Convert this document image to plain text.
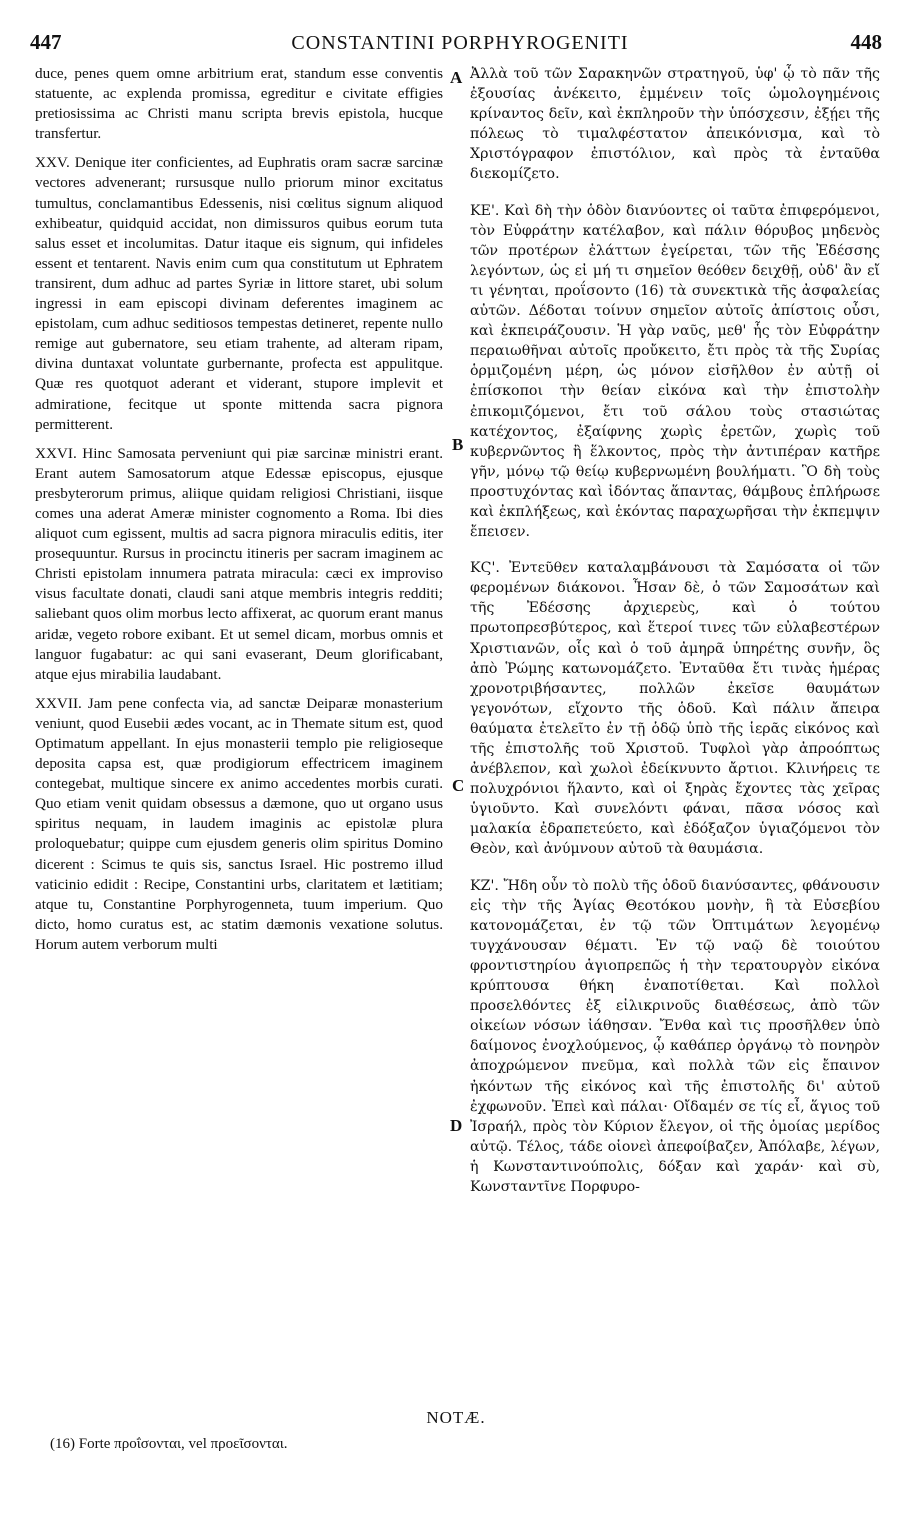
447	CONSTANTINI PORPHYROGENITI	448

duce, penes quem omne arbitrium erat, standum esse conventis statuente, ac explenda promissa, egreditur e civitate effigies pretiosissima ac Christi manu scripta brevis epistola, hucque transfertur.

XXV. Denique iter conficientes, ad Euphratis oram sacræ sarcinæ vectores advenerant; rursusque nullo priorum minor excitatus tumultus, conclamantibus Edessenis, nisi cœlitus signum aliquod exhibeatur, quidquid accidat, non dimissuros quibus eorum tuta salus esset et incolumitas. Datur itaque eis signum, qui infideles essent et tentarent. Navis enim cum qua constitutum ut Ephratem transirent, dum adhuc ad partes Syriæ in littore staret, ubi solum ingressi in eam episcopi divinam deferentes imaginem ac epistolam, cum adhuc seditiosos tempestas detineret, repente nullo remige aut gubernatore, seu etiam trahente, ad alteram ripam, divina duntaxat voluntate gurbernante, profecta est appulitque. Quæ res quotquot aderant et viderant, stupore implevit et admiratione, fecitque ut sponte mittenda sacra pignora permitterent.

XXVI. Hinc Samosata perveniunt qui piæ sarcinæ ministri erant. Erant autem Samosatorum atque Edessæ episcopus, ejusque presbyterorum primus, aliique quidam religiosi Christiani, iisque comes una aderat Ameræ minister cognomento a Roma. Ibi dies aliquot cum egissent, multis ad sacra pignora miraculis editis, iter prosequuntur. Rursus in procinctu itineris per sacram imaginem ac Christi epistolam innumera patrata miracula: cæci ex improviso visus facultate donati, claudi sani atque membris integris redditi; saliebant quos olim morbus lecto affixerat, ac quorum erant manus aridæ, vegeto robore exibant. Et ut semel dicam, morbus omnis et languor fugabatur: ac qui sani evaserant, Deum glorificabant, atque ejus mirabilia laudabant.

XXVII. Jam pene confecta via, ad sanctæ Deiparæ monasterium veniunt, quod Eusebii ædes vocant, ac in Themate situm est, quod Optimatum appellant. In ejus monasterii templo pie religioseque deposita capsa est, quæ prodigiorum effectricem imaginem contegebat, multique sincere ex animo accedentes morbis curati. Quo etiam venit quidam obsessus a dæmone, quo ut organo usus spiritus nequam, in laudem imaginis ac epistolæ plura proloquebatur; quippe cum ejusdem generis olim spiritus Domino dicerent : Scimus te quis sis, sanctus Israel. Hic postremo illud vaticinio edidit : Recipe, Constantini urbs, claritatem et lætitiam; atque tu, Constantine Porphyrogenneta, tuum imperium. Quo dicto, homo curatus est, ac statim dæmonis vexatione solutus. Horum autem verborum multi

A
B
C
D

Ἀλλὰ τοῦ τῶν Σαρακηνῶν στρατηγοῦ, ὑφ' ᾧ τὸ πᾶν τῆς ἐξουσίας ἀνέκειτο, ἐμμένειν τοῖς ὡμολογημένοις κρίναντος δεῖν, καὶ ἐκπληροῦν τὴν ὑπόσχεσιν, ἐξῄει τῆς πόλεως τὸ τιμαλφέστατον ἀπεικόνισμα, καὶ τὸ Χριστόγραφον ἐπιστόλιον, καὶ πρὸς τὰ ἐνταῦθα διεκομίζετο.

ΚΕ'. Καὶ δὴ τὴν ὁδὸν διανύοντες οἱ ταῦτα ἐπιφερόμενοι, τὸν Εὐφράτην κατέλαβον, καὶ πάλιν θόρυβος μηδενὸς τῶν προτέρων ἐλάττων ἐγείρεται, τῶν τῆς Ἐδέσσης λεγόντων, ὡς εἰ μή τι σημεῖον θεόθεν δειχθῇ, οὐδ' ἂν εἴ τι γένηται, προΐσοντο (16) τὰ συνεκτικὰ τῆς ἀσφαλείας αὐτῶν. Δέδοται τοίνυν σημεῖον αὐτοῖς ἀπίστοις οὖσι, καὶ ἐκπειράζουσιν. Ἡ γὰρ ναῦς, μεθ' ἧς τὸν Εὐφράτην περαιωθῆναι αὐτοῖς προὔκειτο, ἔτι πρὸς τὰ τῆς Συρίας ὁρμιζομένη μέρη, ὡς μόνον εἰσῆλθον ἐν αὐτῇ οἱ ἐπίσκοποι τὴν θείαν εἰκόνα καὶ τὴν ἐπιστολὴν ἐπικομιζόμενοι, ἔτι τοῦ σάλου τοὺς στασιώτας κατέχοντος, ἐξαίφνης χωρὶς ἐρετῶν, χωρὶς τοῦ κυβερνῶντος ἢ ἕλκοντος, πρὸς τὴν ἀντιπέραν κατῆρε γῆν, μόνῳ τῷ θείῳ κυβερνωμένη βουλήματι. Ὃ δὴ τοὺς προστυχόντας καὶ ἰδόντας ἅπαντας, θάμβους ἐπλήρωσε καὶ ἐκπλήξεως, καὶ ἑκόντας παραχωρῆσαι τὴν ἐκπεμψιν ἔπεισεν.

ΚϚ'. Ἐντεῦθεν καταλαμβάνουσι τὰ Σαμόσατα οἱ τῶν φερομένων διάκονοι. Ἦσαν δὲ, ὁ τῶν Σαμοσάτων καὶ τῆς Ἐδέσσης ἀρχιερεὺς, καὶ ὁ τούτου πρωτοπρεσβύτερος, καὶ ἕτεροί τινες τῶν εὐλαβεστέρων Χριστιανῶν, οἷς καὶ ὁ τοῦ ἀμηρᾶ ὑπηρέτης συνῆν, ὃς ἀπὸ Ῥώμης κατωνομάζετο. Ἐνταῦθα ἔτι τινὰς ἡμέρας χρονοτριβήσαντες, πολλῶν ἐκεῖσε θαυμάτων γεγονότων, εἴχοντο τῆς ὁδοῦ. Καὶ πάλιν ἄπειρα θαύματα ἐτελεῖτο ἐν τῇ ὁδῷ ὑπὸ τῆς ἱερᾶς εἰκόνος καὶ τῆς ἐπιστολῆς τοῦ Χριστοῦ. Τυφλοὶ γὰρ ἀπροόπτως ἀνέβλεπον, καὶ χωλοὶ ἐδείκνυντο ἄρτιοι. Κλινήρεις τε πολυχρόνιοι ἥλαντο, καὶ οἱ ξηρὰς ἔχοντες τὰς χεῖρας ὑγιοῦντο. Καὶ συνελόντι φάναι, πᾶσα νόσος καὶ μαλακία ἐδραπετεύετο, καὶ ἐδόξαζον ὑγιαζόμενοι τὸν Θεὸν, καὶ ἀνύμνουν αὐτοῦ τὰ θαυμάσια.

ΚΖ'. Ἤδη οὖν τὸ πολὺ τῆς ὁδοῦ διανύσαντες, φθάνουσιν εἰς τὴν τῆς Ἁγίας Θεοτόκου μονὴν, ἣ τὰ Εὐσεβίου κατονομάζεται, ἐν τῷ τῶν Ὀπτιμάτων λεγομένῳ τυγχάνουσαν θέματι. Ἐν τῷ ναῷ δὲ τοιούτου φροντιστηρίου ἁγιοπρεπῶς ἡ τὴν τερατουργὸν εἰκόνα κρύπτουσα θήκη ἐναποτίθεται. Καὶ πολλοὶ προσελθόντες ἐξ εἰλικρινοῦς διαθέσεως, ἀπὸ τῶν οἰκείων νόσων ἰάθησαν. Ἔνθα καὶ τις προσῆλθεν ὑπὸ δαίμονος ἐνοχλούμενος, ᾧ καθάπερ ὀργάνῳ τὸ πονηρὸν ἀποχρώμενον πνεῦμα, καὶ πολλὰ τῶν εἰς ἔπαινον ἠκόντων τῆς εἰκόνος καὶ τῆς ἐπιστολῆς δι' αὐτοῦ ἐχφωνοῦν. Ἐπεὶ καὶ πάλαι· Οἴδαμέν σε τίς εἶ, ἅγιος τοῦ Ἰσραήλ, πρὸς τὸν Κύριον ἔλεγον, οἱ τῆς ὁμοίας μερίδος αὐτῷ. Τέλος, τάδε οἱονεὶ ἀπεφοίβαζεν, Ἀπόλαβε, λέγων, ἡ Κωνσταντινούπολις, δόξαν καὶ χαράν· καὶ σὺ, Κωνσταντῖνε Πορφυρο-

NOTÆ.
(16) Forte προΐσονται, vel προεῖσονται.
